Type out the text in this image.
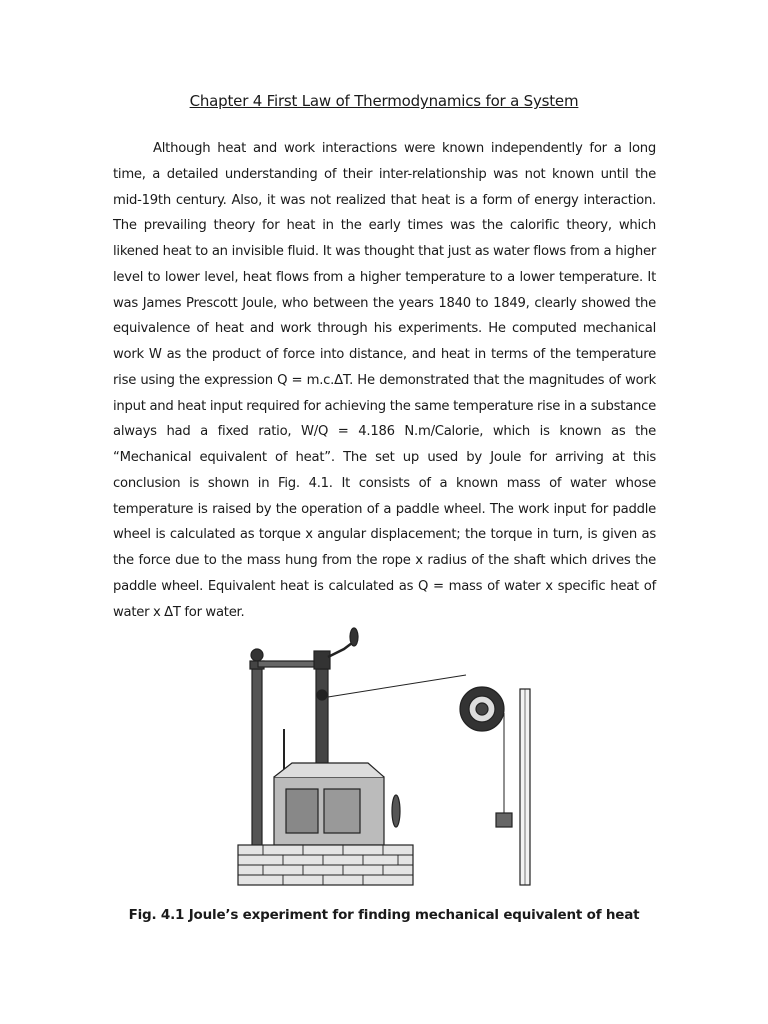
Chapter 4 First Law of Thermodynamics for a System
Although heat and work interactions were known independently for a long time, a detailed understanding of their inter-relationship was not known until the mid-19th century. Also, it was not realized that heat is a form of energy interaction. The prevailing theory for heat in the early times was the calorific theory, which likened heat to an invisible fluid. It was thought that just as water flows from a higher level to lower level, heat flows from a higher temperature to a lower temperature. It was James Prescott Joule, who between the years 1840 to 1849, clearly showed the equivalence of heat and work through his experiments. He computed mechanical work W as the product of force into distance, and heat in terms of the temperature rise using the expression Q = m.c.ΔT. He demonstrated that the magnitudes of work input and heat input required for achieving the same temperature rise in a substance always had a fixed ratio, W/Q = 4.186 N.m/Calorie, which is known as the “Mechanical equivalent of heat”. The set up used by Joule for arriving at this conclusion is shown in Fig. 4.1. It consists of a known mass of water whose temperature is raised by the operation of a paddle wheel. The work input for paddle wheel is calculated as torque x angular displacement; the torque in turn, is given as the force due to the mass hung from the rope x radius of the shaft which drives the paddle wheel. Equivalent heat is calculated as Q = mass of water x specific heat of water x ΔT for water.
Fig. 4.1 Joule’s experiment for finding mechanical equivalent of heat
